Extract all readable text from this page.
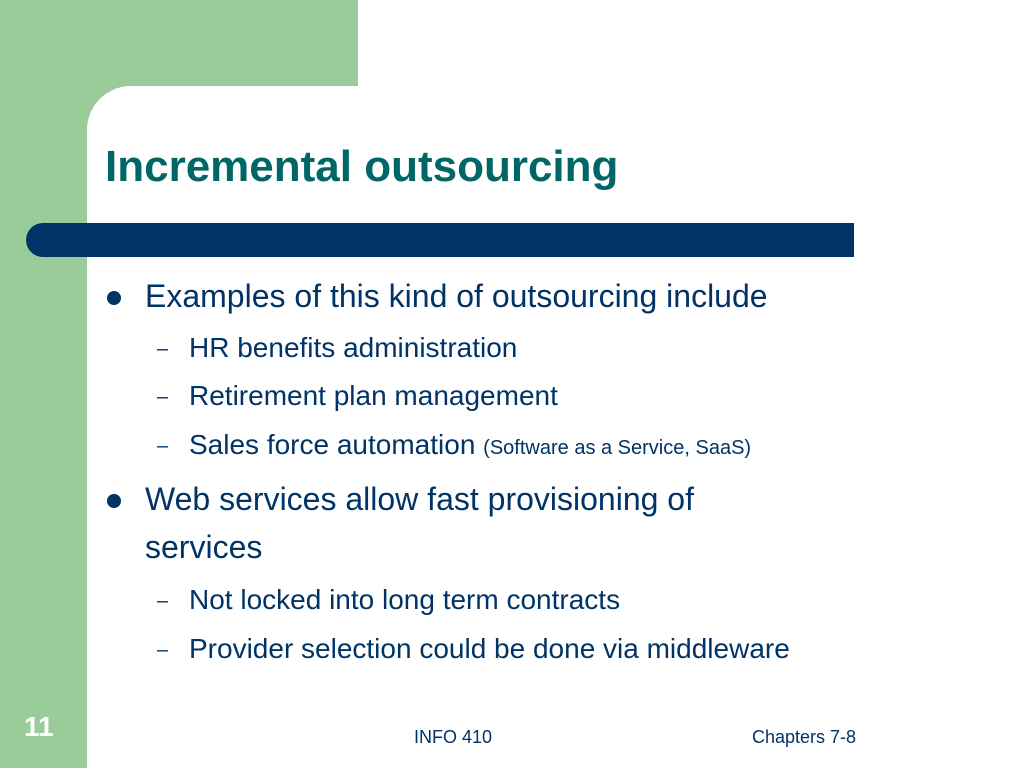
Incremental outsourcing
Examples of this kind of outsourcing include
– HR benefits administration
– Retirement plan management
– Sales force automation (Software as a Service, SaaS)
Web services allow fast provisioning of
services
– Not locked into long term contracts
– Provider selection could be done via middleware
11	INFO 410	Chapters 7-8
